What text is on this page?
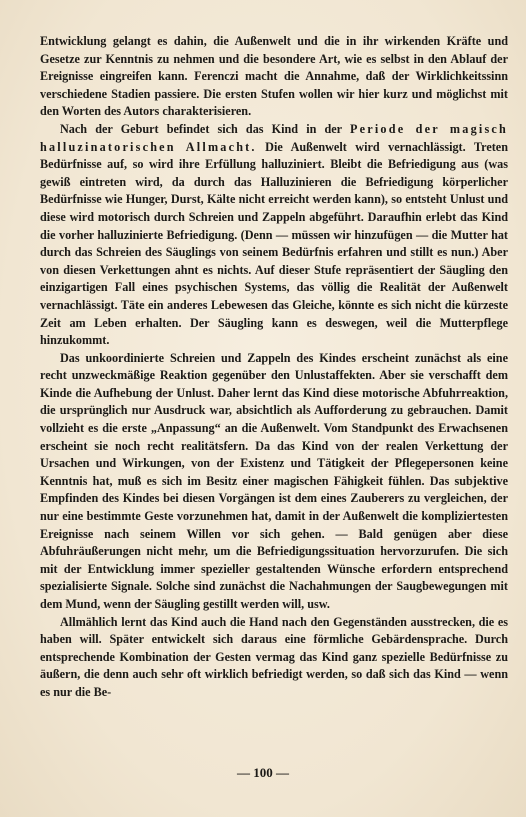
Entwicklung gelangt es dahin, die Außenwelt und die in ihr wirkenden Kräfte und Gesetze zur Kenntnis zu nehmen und die besondere Art, wie es selbst in den Ablauf der Ereignisse eingreifen kann. Ferenczi macht die Annahme, daß der Wirklichkeitssinn verschiedene Stadien passiere. Die ersten Stufen wollen wir hier kurz und möglichst mit den Worten des Autors charakterisieren.

Nach der Geburt befindet sich das Kind in der Periode der magisch halluzinatorischen Allmacht. Die Außenwelt wird vernachlässigt. Treten Bedürfnisse auf, so wird ihre Erfüllung halluziniert. Bleibt die Befriedigung aus (was gewiß eintreten wird, da durch das Halluzinieren die Befriedigung körperlicher Bedürfnisse wie Hunger, Durst, Kälte nicht erreicht werden kann), so entsteht Unlust und diese wird motorisch durch Schreien und Zappeln abgeführt. Daraufhin erlebt das Kind die vorher halluzinierte Befriedigung. (Denn — müssen wir hinzufügen — die Mutter hat durch das Schreien des Säuglings von seinem Bedürfnis erfahren und stillt es nun.) Aber von diesen Verkettungen ahnt es nichts. Auf dieser Stufe repräsentiert der Säugling den einzigartigen Fall eines psychischen Systems, das völlig die Realität der Außenwelt vernachlässigt. Täte ein anderes Lebewesen das Gleiche, könnte es sich nicht die kürzeste Zeit am Leben erhalten. Der Säugling kann es deswegen, weil die Mutterpflege hinzukommt.

Das unkoordinierte Schreien und Zappeln des Kindes erscheint zunächst als eine recht unzweckmäßige Reaktion gegenüber den Unlustaffekten. Aber sie verschafft dem Kinde die Aufhebung der Unlust. Daher lernt das Kind diese motorische Abfuhrreaktion, die ursprünglich nur Ausdruck war, absichtlich als Aufforderung zu gebrauchen. Damit vollzieht es die erste „Anpassung“ an die Außenwelt. Vom Standpunkt des Erwachsenen erscheint sie noch recht realitätsfern. Da das Kind von der realen Verkettung der Ursachen und Wirkungen, von der Existenz und Tätigkeit der Pflegepersonen keine Kenntnis hat, muß es sich im Besitz einer magischen Fähigkeit fühlen. Das subjektive Empfinden des Kindes bei diesen Vorgängen ist dem eines Zauberers zu vergleichen, der nur eine bestimmte Geste vorzunehmen hat, damit in der Außenwelt die kompliziertesten Ereignisse nach seinem Willen vor sich gehen. — Bald genügen aber diese Abfuhräußerungen nicht mehr, um die Befriedigungssituation hervorzurufen. Die sich mit der Entwicklung immer spezieller gestaltenden Wünsche erfordern entsprechend spezialisierte Signale. Solche sind zunächst die Nachahmungen der Saugbewegungen mit dem Mund, wenn der Säugling gestillt werden will, usw.

Allmählich lernt das Kind auch die Hand nach den Gegenständen ausstrecken, die es haben will. Später entwickelt sich daraus eine förmliche Gebärdensprache. Durch entsprechende Kombination der Gesten vermag das Kind ganz spezielle Bedürfnisse zu äußern, die denn auch sehr oft wirklich befriedigt werden, so daß sich das Kind — wenn es nur die Be-

— 100 —
